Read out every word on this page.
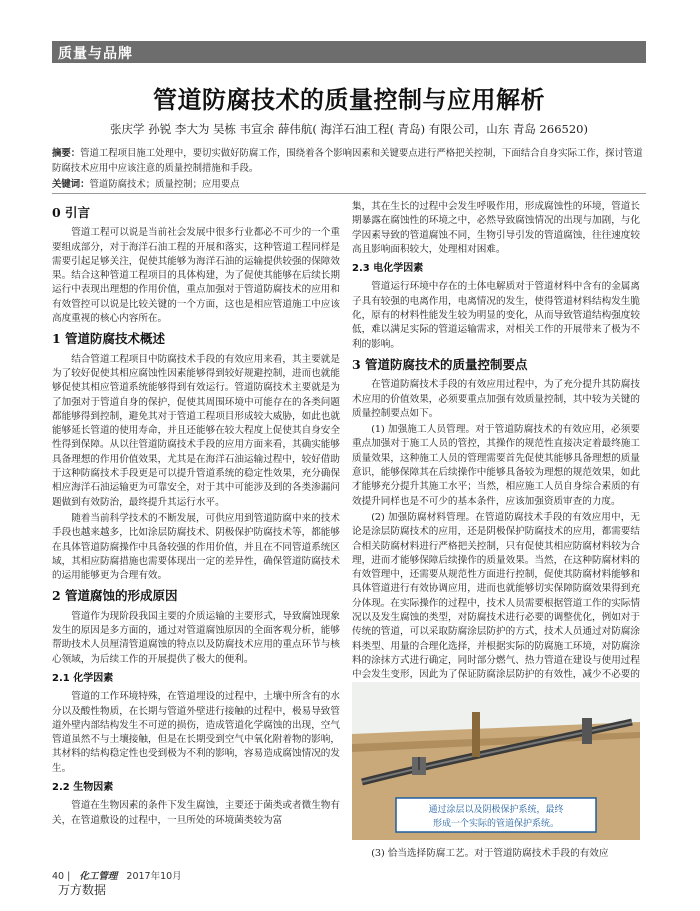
质量与品牌
管道防腐技术的质量控制与应用解析
张庆学 孙锐 李大为 吴栋 韦宣余 薛伟航( 海洋石油工程( 青岛) 有限公司，山东 青岛 266520)
摘要：管道工程项目施工处理中，要切实做好防腐工作，围绕着各个影响因素和关键要点进行严格把关控制，下面结合自身实际工作，探讨管道防腐技术应用中应该注意的质量控制措施和手段。
关键词：管道防腐技术；质量控制；应用要点
0 引言

管道工程可以说是当前社会发展中很多行业都必不可少的一个重要组成部分，对于海洋石油工程的开展和落实，这种管道工程同样是需要引起足够关注，促使其能够为海洋石油的运输提供较强的保障效果。结合这种管道工程项目的具体构建，为了促使其能够在后续长期运行中表现出理想的作用价值，重点加强对于管道防腐技术的应用和有效管控可以说是比较关键的一个方面，这也是相应管道施工中应该高度重视的核心内容所在。

1 管道防腐技术概述

结合管道工程项目中防腐技术手段的有效应用来看，其主要就是为了较好促使其相应腐蚀性因素能够得到较好规避控制，进而也就能够促使其相应管道系统能够得到有效运行。管道防腐技术主要就是为了加强对于管道自身的保护，促使其周围环境中可能存在的各类问题都能够得到控制，避免其对于管道工程项目形成较大威胁，如此也就能够延长管道的使用寿命，并且还能够在较大程度上促使其自身安全性得到保障。从以往管道防腐技术手段的应用方面来看，其确实能够具备理想的作用价值效果，尤其是在海洋石油运输过程中，较好借助于这种防腐技术手段更是可以提升管道系统的稳定性效果，充分确保相应海洋石油运输更为可靠安全，对于其中可能涉及到的各类渗漏问题做到有效防治，最终提升其运行水平。

随着当前科学技术的不断发展，可供应用到管道防腐中来的技术手段也越来越多，比如涂层防腐技术、阴极保护防腐技术等，都能够在具体管道防腐操作中具备较强的作用价值，并且在不同管道系统区域，其相应防腐措施也需要体现出一定的差异性，确保管道防腐技术的运用能够更为合理有效。

2 管道腐蚀的形成原因

管道作为现阶段我国主要的介质运输的主要形式，导致腐蚀现象发生的原因是多方面的，通过对管道腐蚀原因的全面客观分析，能够帮助技术人员厘清管道腐蚀的特点以及防腐技术应用的重点环节与核心领域，为后续工作的开展提供了极大的便利。

2.1 化学因素

管道的工作环境特殊，在管道埋设的过程中，土壤中所含有的水分以及酸性物质，在长期与管道外壁进行接触的过程中，极易导致管道外壁内部结构发生不可逆的损伤，造成管道化学腐蚀的出现，空气管道虽然不与土壤接触，但是在长期受到空气中氧化附着物的影响，其材料的结构稳定性也受到极为不利的影响，容易造成腐蚀情况的发生。

2.2 生物因素

管道在生物因素的条件下发生腐蚀，主要还于菌类或者微生物有关，在管道敷设的过程中，一旦所处的环境菌类较为富

集，其在生长的过程中会发生呼吸作用，形成腐蚀性的环境，管道长期暴露在腐蚀性的环境之中，必然导致腐蚀情况的出现与加剧，与化学因素导致的管道腐蚀不同，生物引导引发的管道腐蚀，往往速度较高且影响面积较大，处理相对困难。

2.3 电化学因素

管道运行环境中存在的土体电解质对于管道材料中含有的金属离子具有较强的电离作用，电离情况的发生，使得管道材料结构发生脆化，原有的材料性能发生较为明显的变化，从而导致管道结构强度较低，难以满足实际的管道运输需求，对相关工作的开展带来了极为不利的影响。

3 管道防腐技术的质量控制要点

在管道防腐技术手段的有效应用过程中，为了充分提升其防腐技术应用的价值效果，必须要重点加强有效质量控制，其中较为关键的质量控制要点如下。

(1) 加强施工人员管理。对于管道防腐技术的有效应用，必须要重点加强对于施工人员的管控，其操作的规范性直接决定着最终施工质量效果，这种施工人员的管理需要首先促使其能够具备理想的质量意识，能够保障其在后续操作中能够具备较为理想的规范效果，如此才能够充分提升其施工水平；当然，相应施工人员自身综合素质的有效提升同样也是不可少的基本条件，应该加强资质审查的力度。

(2) 加强防腐材料管理。在管道防腐技术手段的有效应用中，无论是涂层防腐技术的应用，还是阴极保护防腐技术的应用，都需要结合相关防腐材料进行严格把关控制，只有促使其相应防腐材料较为合理，进而才能够保障后续操作的质量效果。当然，在这种防腐材料的有效管理中，还需要从规范性方面进行控制，促使其防腐材料能够和具体管道进行有效协调应用，进而也就能够切实保障防腐效果得到充分体现。在实际操作的过程中，技术人员需要根据管道工作的实际情况以及发生腐蚀的类型，对防腐技术进行必要的调整优化，例如对于传统的管道，可以采取防腐涂层防护的方式，技术人员通过对防腐涂料类型、用量的合理化选择，并根据实际的防腐施工环境，对防腐涂料的涂抹方式进行确定，同时部分燃气、热力管道在建设与使用过程中会发生变形，因此为了保证防腐涂层防护的有效性，减少不必要的

通过涂层以及阴极保护系统，最终
形成一个实际的管道保护系统。

(3) 恰当选择防腐工艺。对于管道防腐技术手段的有效应

40 | 化工管理 2017年10月
万方数据
